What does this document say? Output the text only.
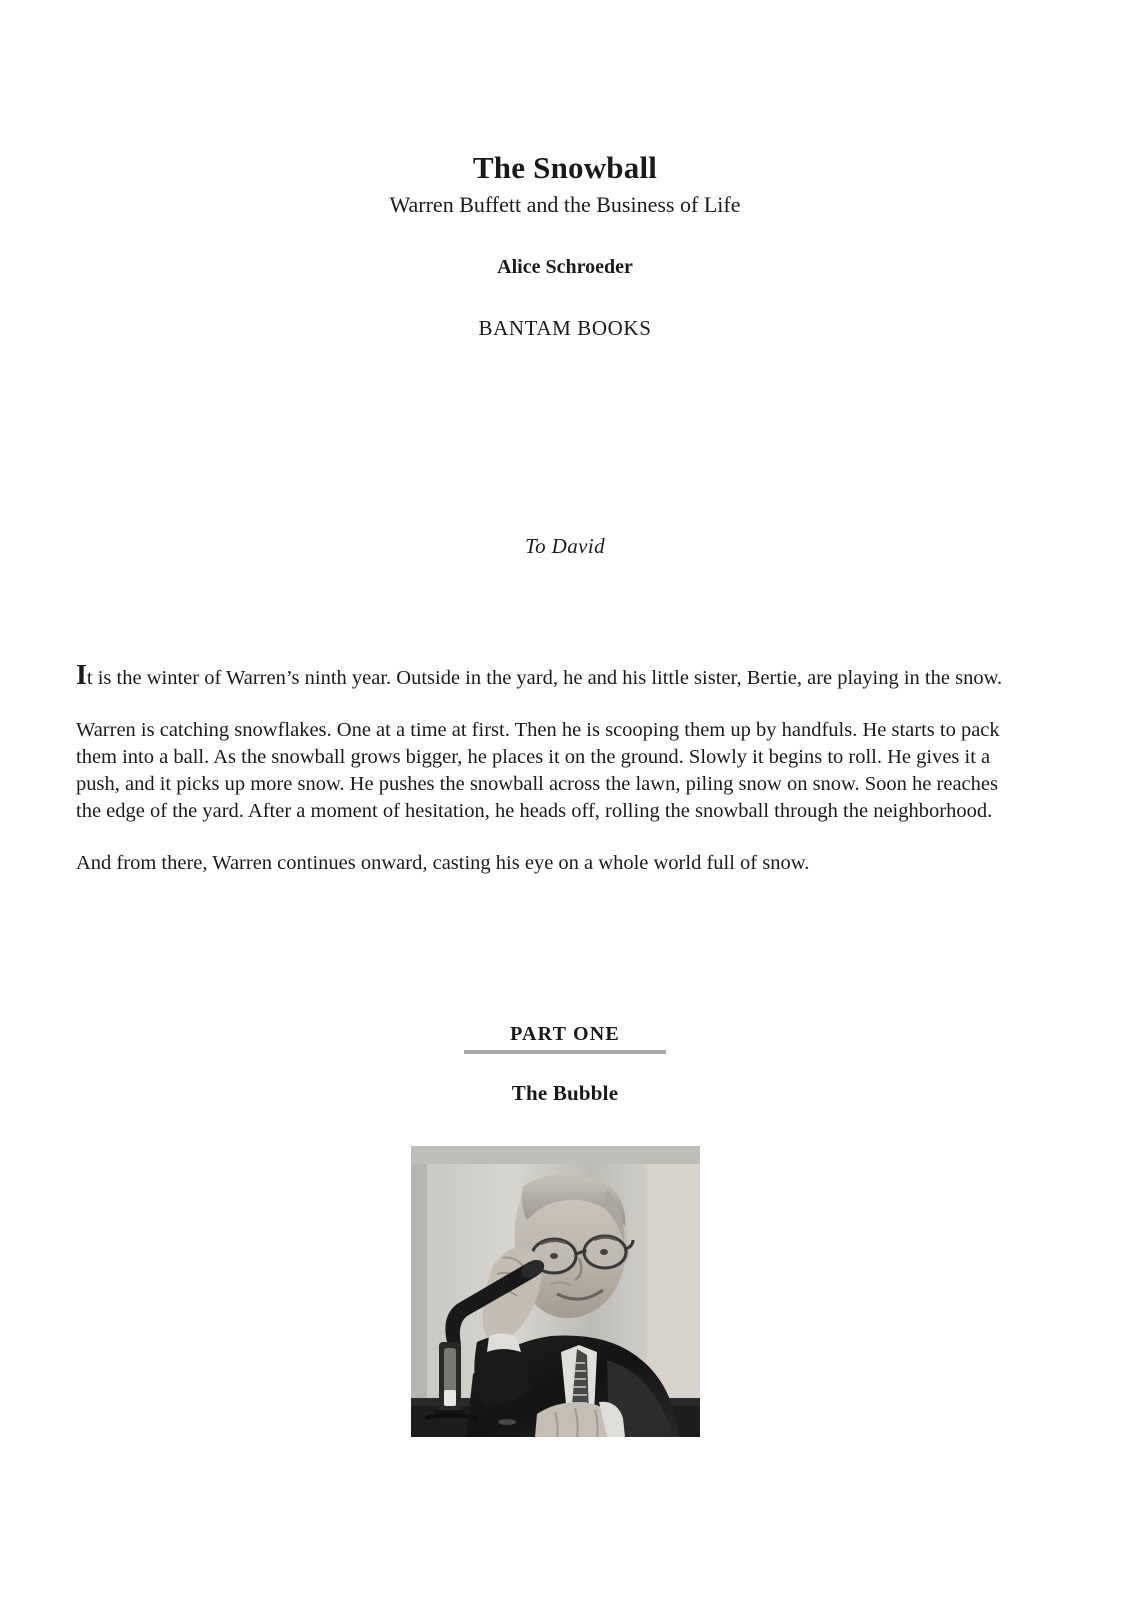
The Snowball
Warren Buffett and the Business of Life
Alice Schroeder
BANTAM BOOKS
To David

It is the winter of Warren’s ninth year. Outside in the yard, he and his little sister, Bertie, are playing in the snow.

Warren is catching snowflakes. One at a time at first. Then he is scooping them up by handfuls. He starts to pack them into a ball. As the snowball grows bigger, he places it on the ground. Slowly it begins to roll. He gives it a push, and it picks up more snow. He pushes the snowball across the lawn, piling snow on snow. Soon he reaches the edge of the yard. After a moment of hesitation, he heads off, rolling the snowball through the neighborhood.

And from there, Warren continues onward, casting his eye on a whole world full of snow.

PART ONE
The Bubble
